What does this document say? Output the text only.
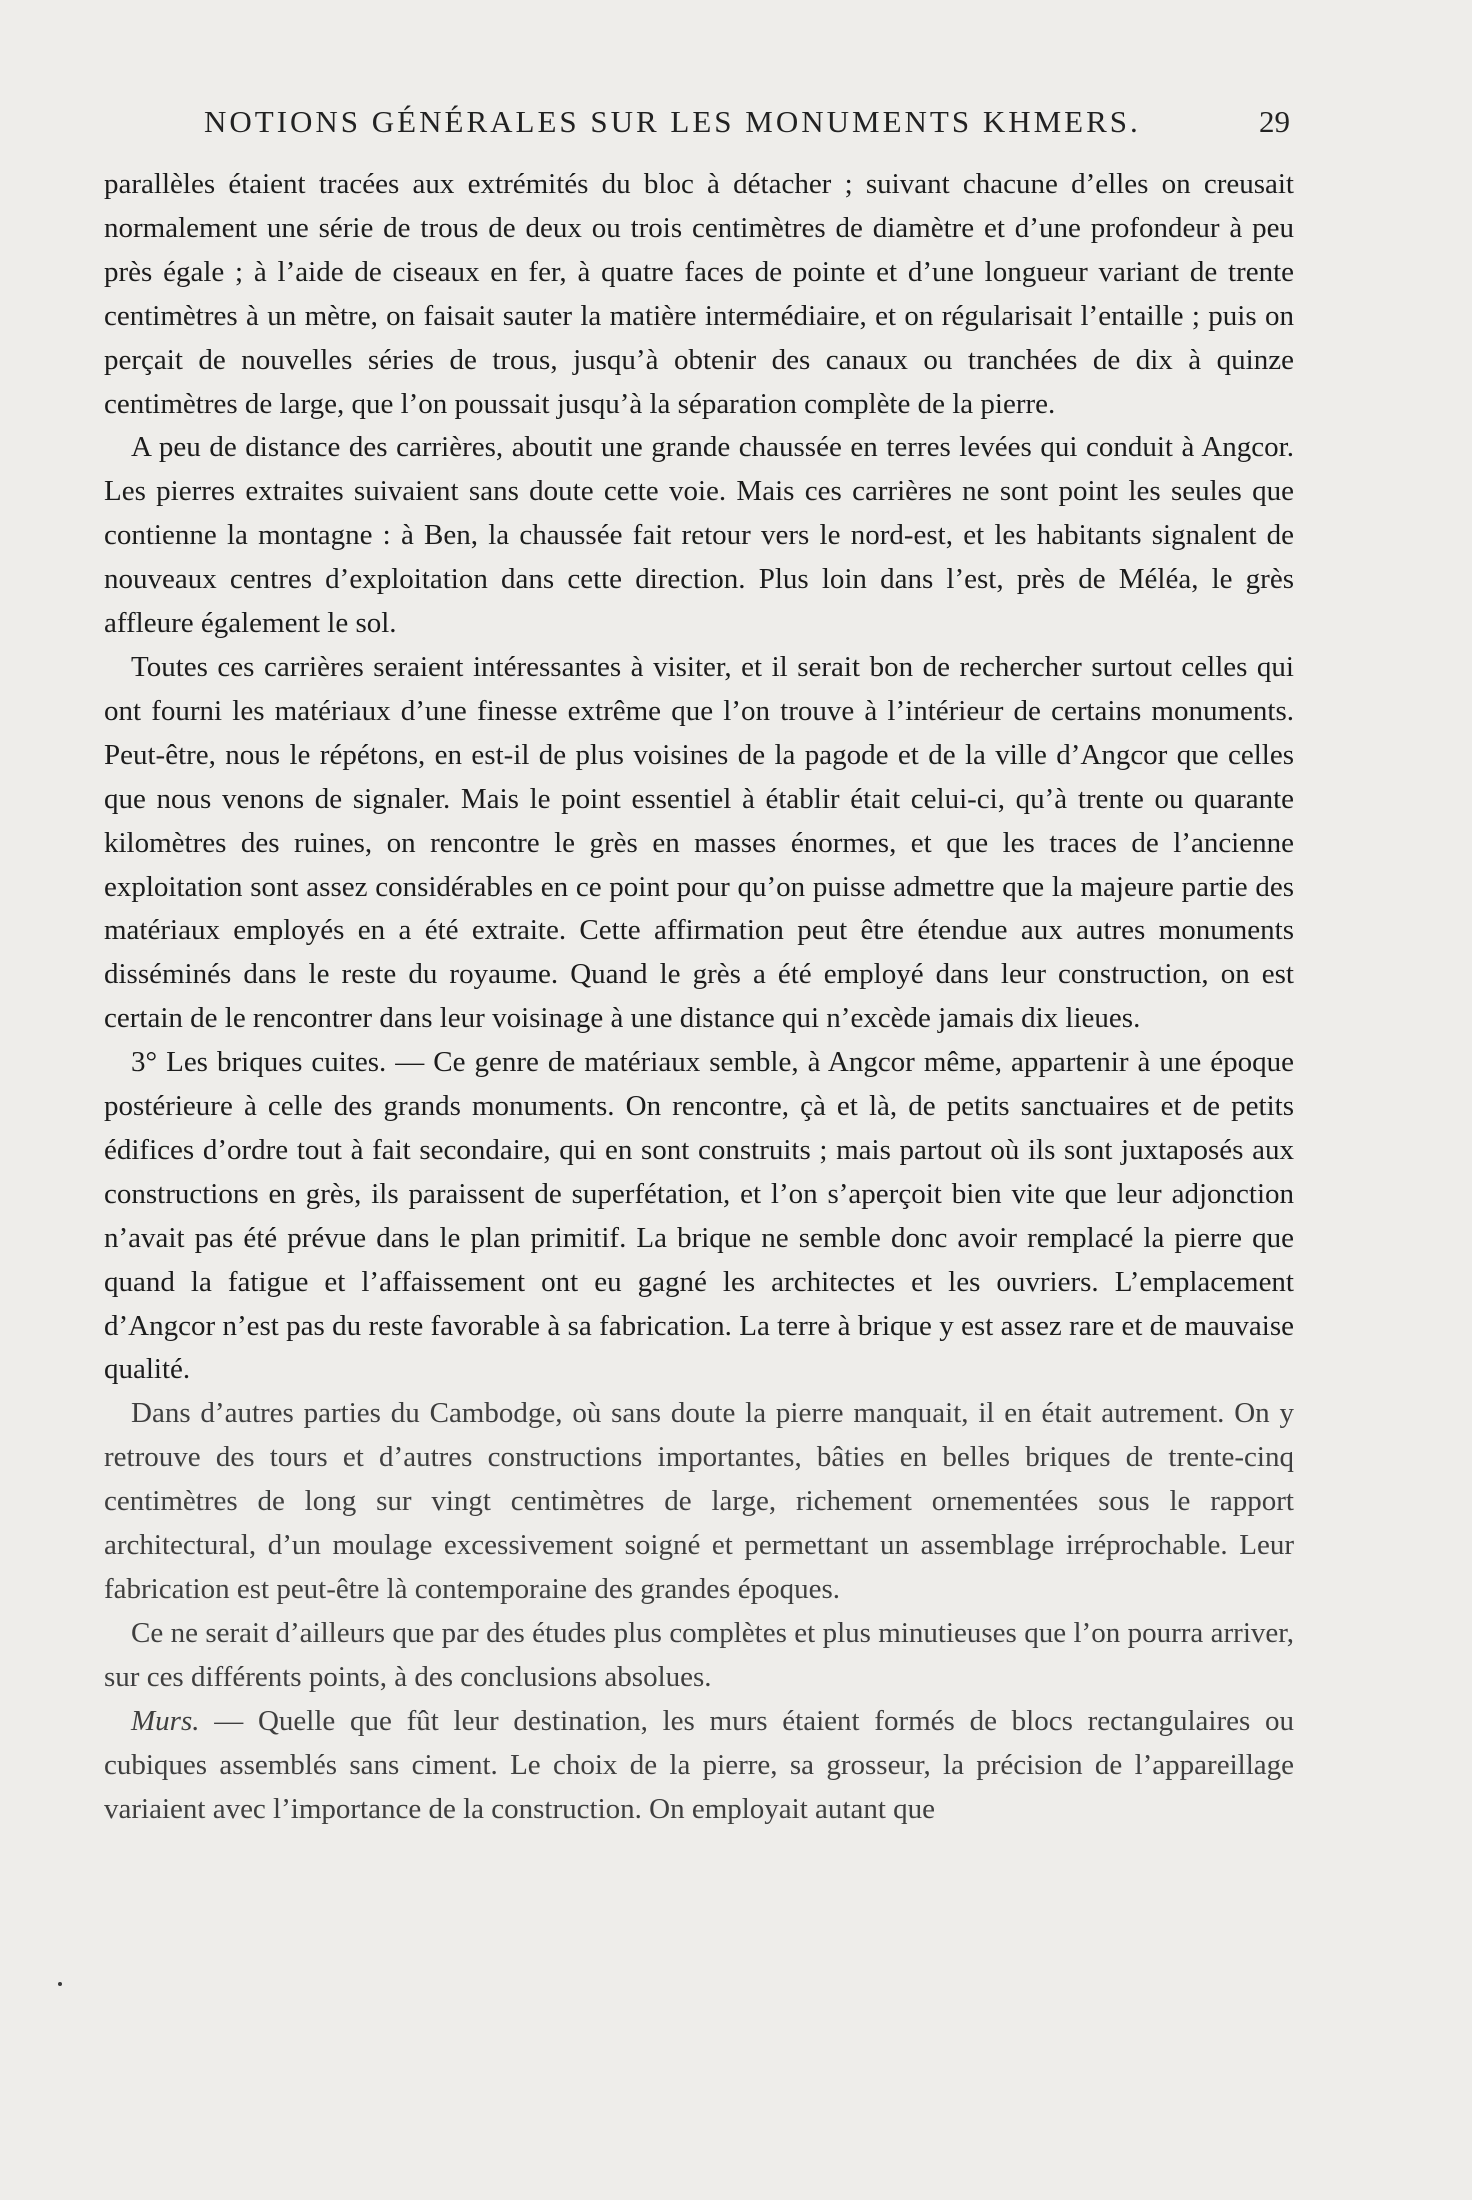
NOTIONS GÉNÉRALES SUR LES MONUMENTS KHMERS.	29

parallèles étaient tracées aux extrémités du bloc à détacher ; suivant chacune d’elles on creusait normalement une série de trous de deux ou trois centimètres de diamètre et d’une profondeur à peu près égale ; à l’aide de ciseaux en fer, à quatre faces de pointe et d’une longueur variant de trente centimètres à un mètre, on faisait sauter la matière intermédiaire, et on régularisait l’entaille ; puis on perçait de nouvelles séries de trous, jusqu’à obtenir des canaux ou tranchées de dix à quinze centimètres de large, que l’on poussait jusqu’à la séparation complète de la pierre.

A peu de distance des carrières, aboutit une grande chaussée en terres levées qui conduit à Angcor. Les pierres extraites suivaient sans doute cette voie. Mais ces carrières ne sont point les seules que contienne la montagne : à Ben, la chaussée fait retour vers le nord-est, et les habitants signalent de nouveaux centres d’exploitation dans cette direction. Plus loin dans l’est, près de Méléa, le grès affleure également le sol.

Toutes ces carrières seraient intéressantes à visiter, et il serait bon de rechercher surtout celles qui ont fourni les matériaux d’une finesse extrême que l’on trouve à l’intérieur de certains monuments. Peut-être, nous le répétons, en est-il de plus voisines de la pagode et de la ville d’Angcor que celles que nous venons de signaler. Mais le point essentiel à établir était celui-ci, qu’à trente ou quarante kilomètres des ruines, on rencontre le grès en masses énormes, et que les traces de l’ancienne exploitation sont assez considérables en ce point pour qu’on puisse admettre que la majeure partie des matériaux employés en a été extraite. Cette affirmation peut être étendue aux autres monuments disséminés dans le reste du royaume. Quand le grès a été employé dans leur construction, on est certain de le rencontrer dans leur voisinage à une distance qui n’excède jamais dix lieues.

3° Les briques cuites. — Ce genre de matériaux semble, à Angcor même, appartenir à une époque postérieure à celle des grands monuments. On rencontre, çà et là, de petits sanctuaires et de petits édifices d’ordre tout à fait secondaire, qui en sont construits ; mais partout où ils sont juxtaposés aux constructions en grès, ils paraissent de superfétation, et l’on s’aperçoit bien vite que leur adjonction n’avait pas été prévue dans le plan primitif. La brique ne semble donc avoir remplacé la pierre que quand la fatigue et l’affaissement ont eu gagné les architectes et les ouvriers. L’emplacement d’Angcor n’est pas du reste favorable à sa fabrication. La terre à brique y est assez rare et de mauvaise qualité.

Dans d’autres parties du Cambodge, où sans doute la pierre manquait, il en était autrement. On y retrouve des tours et d’autres constructions importantes, bâties en belles briques de trente-cinq centimètres de long sur vingt centimètres de large, richement ornementées sous le rapport architectural, d’un moulage excessivement soigné et permettant un assemblage irréprochable. Leur fabrication est peut-être là contemporaine des grandes époques.

Ce ne serait d’ailleurs que par des études plus complètes et plus minutieuses que l’on pourra arriver, sur ces différents points, à des conclusions absolues.

Murs. — Quelle que fût leur destination, les murs étaient formés de blocs rectangulaires ou cubiques assemblés sans ciment. Le choix de la pierre, sa grosseur, la précision de l’appareillage variaient avec l’importance de la construction. On employait autant que
